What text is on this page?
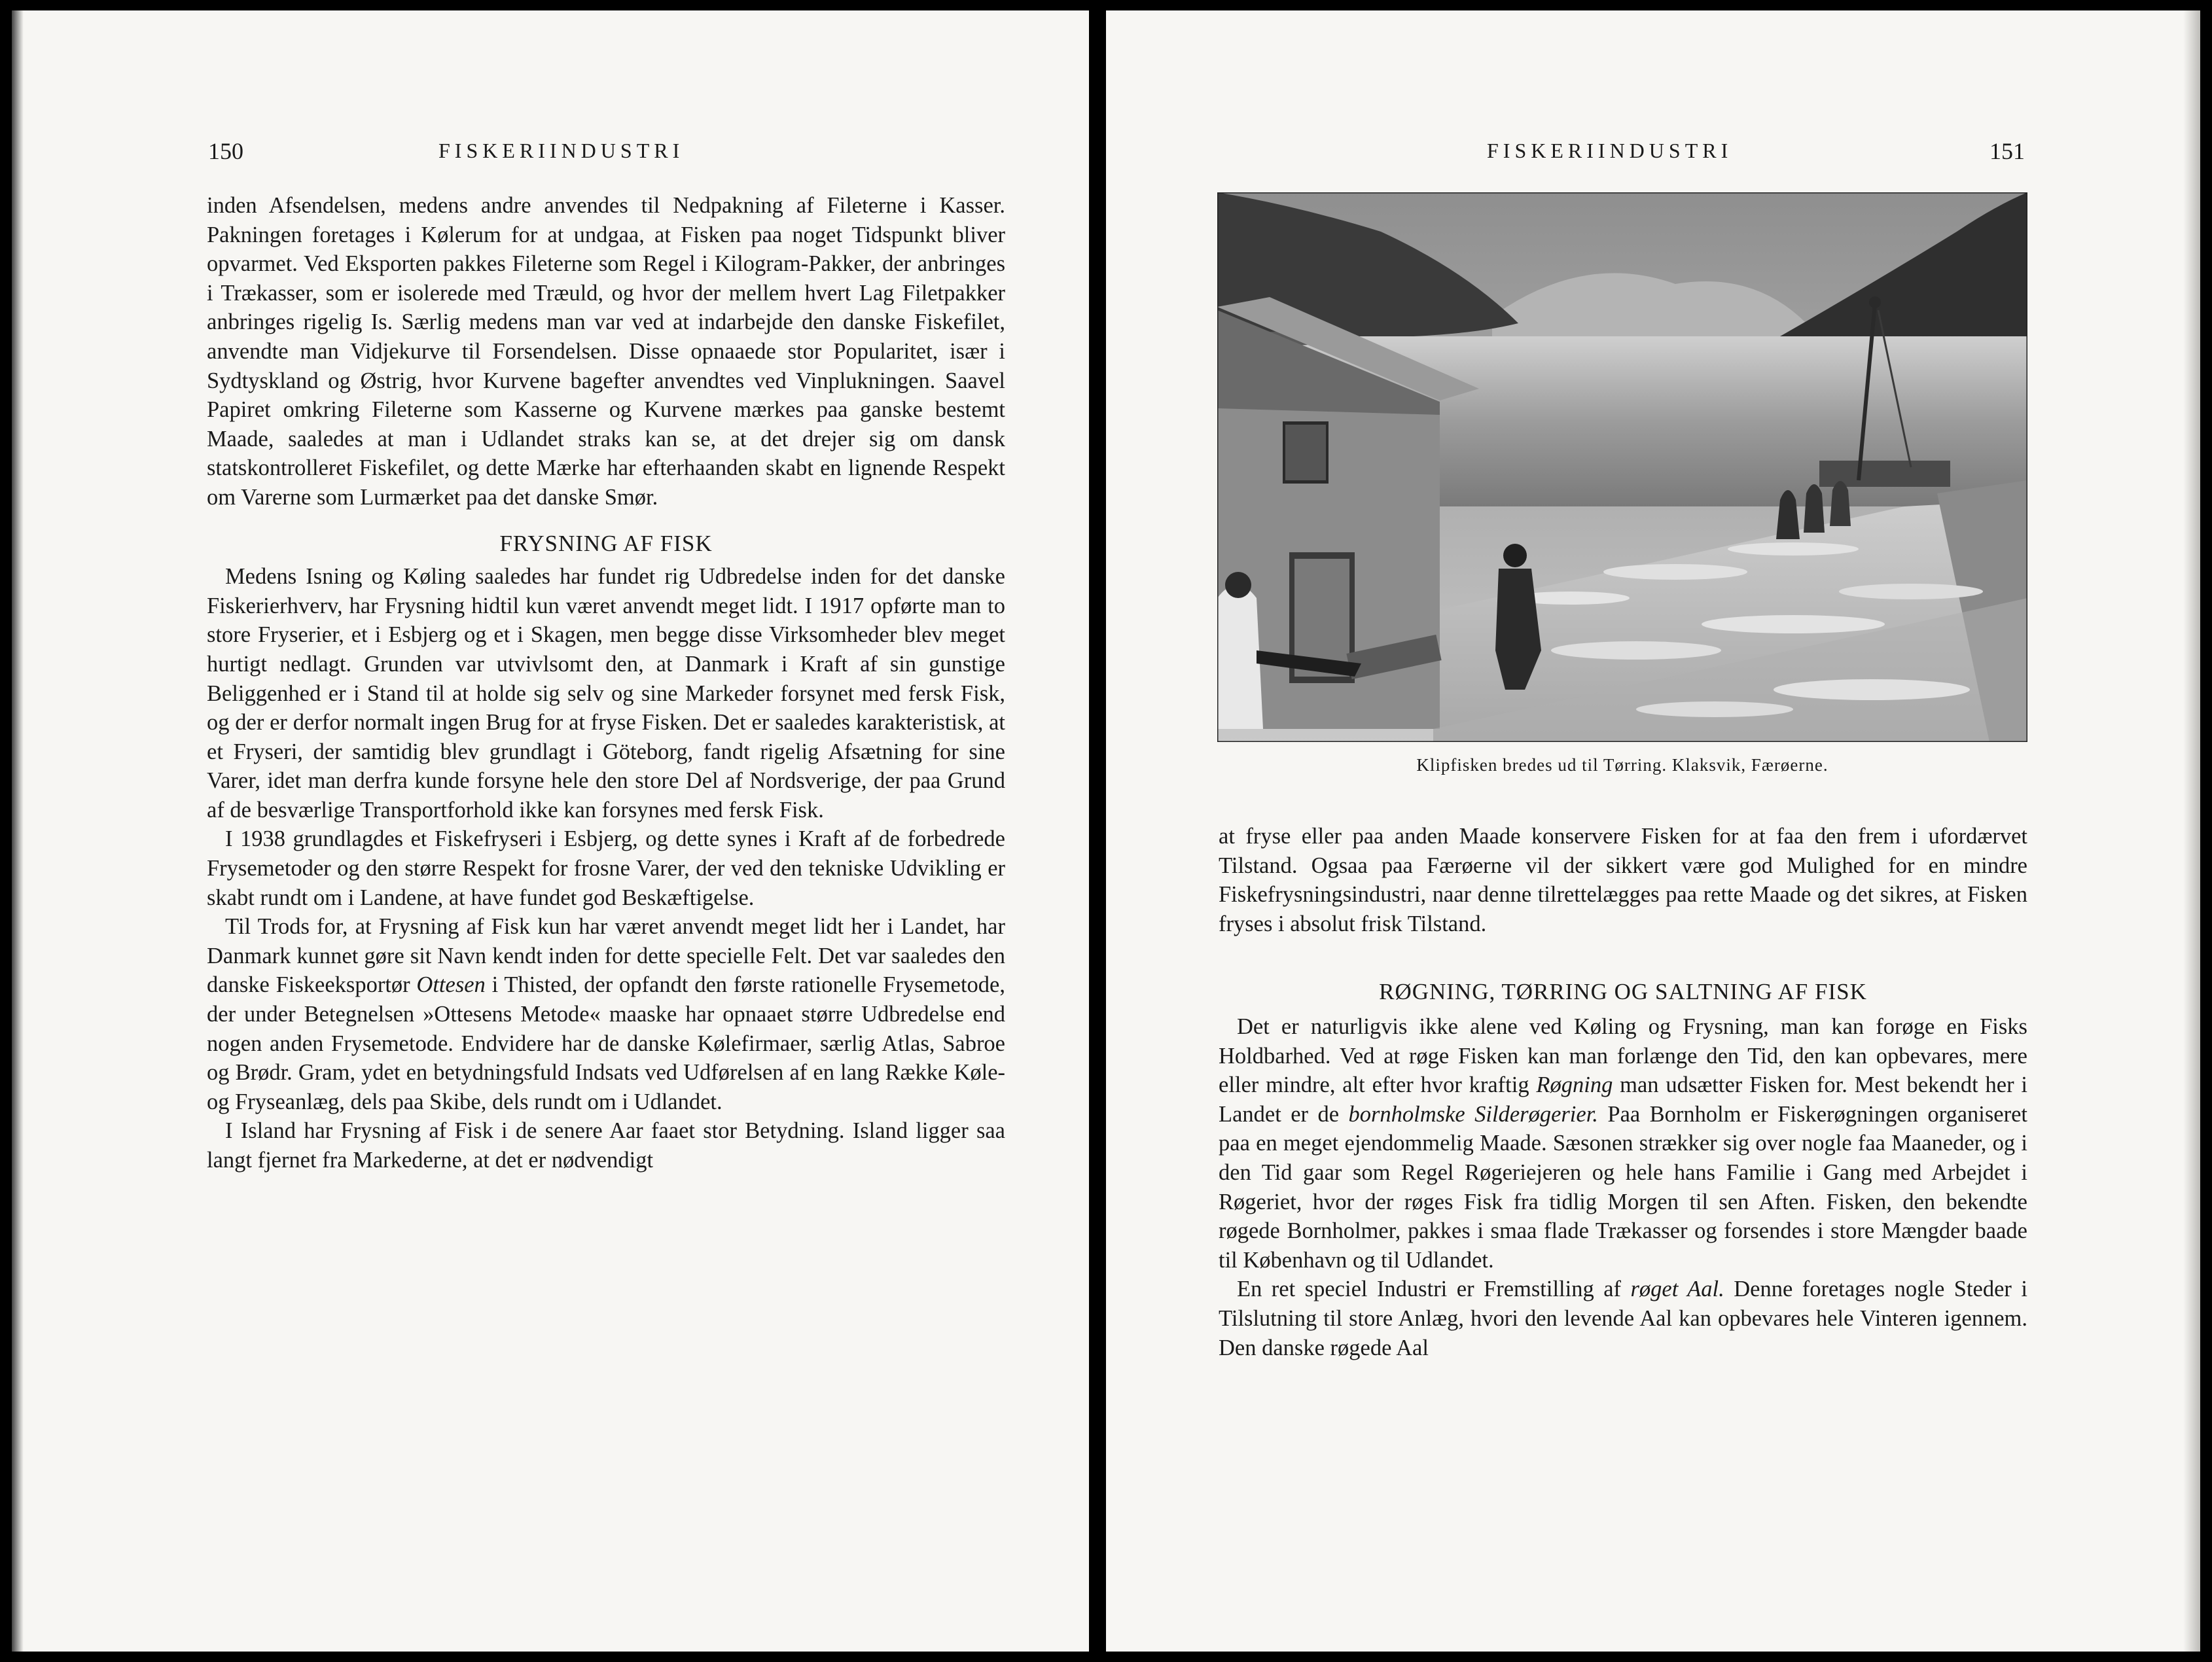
150	FISKERIINDUSTRI

inden Afsendelsen, medens andre anvendes til Nedpakning af Fileterne i Kasser. Pakningen foretages i Kølerum for at undgaa, at Fisken paa noget Tidspunkt bliver opvarmet. Ved Eksporten pakkes Fileterne som Regel i Kilogram-Pakker, der anbringes i Trækasser, som er isolerede med Træuld, og hvor der mellem hvert Lag Filetpakker anbringes rigelig Is. Særlig medens man var ved at indarbejde den danske Fiskefilet, anvendte man Vidjekurve til Forsendelsen. Disse opnaaede stor Popularitet, især i Sydtyskland og Østrig, hvor Kurvene bagefter anvendtes ved Vinplukningen. Saavel Papiret omkring Fileterne som Kasserne og Kurvene mærkes paa ganske bestemt Maade, saaledes at man i Udlandet straks kan se, at det drejer sig om dansk statskontrolleret Fiskefilet, og dette Mærke har efterhaanden skabt en lignende Respekt om Varerne som Lurmærket paa det danske Smør.

FRYSNING AF FISK

Medens Isning og Køling saaledes har fundet rig Udbredelse inden for det danske Fiskerierhverv, har Frysning hidtil kun været anvendt meget lidt. I 1917 opførte man to store Fryserier, et i Esbjerg og et i Skagen, men begge disse Virksomheder blev meget hurtigt nedlagt. Grunden var utvivlsomt den, at Danmark i Kraft af sin gunstige Beliggenhed er i Stand til at holde sig selv og sine Markeder forsynet med fersk Fisk, og der er derfor normalt ingen Brug for at fryse Fisken. Det er saaledes karakteristisk, at et Fryseri, der samtidig blev grundlagt i Göteborg, fandt rigelig Afsætning for sine Varer, idet man derfra kunde forsyne hele den store Del af Nordsverige, der paa Grund af de besværlige Transportforhold ikke kan forsynes med fersk Fisk.

I 1938 grundlagdes et Fiskefryseri i Esbjerg, og dette synes i Kraft af de forbedrede Frysemetoder og den større Respekt for frosne Varer, der ved den tekniske Udvikling er skabt rundt om i Landene, at have fundet god Beskæftigelse.

Til Trods for, at Frysning af Fisk kun har været anvendt meget lidt her i Landet, har Danmark kunnet gøre sit Navn kendt inden for dette specielle Felt. Det var saaledes den danske Fiskeeksportør Ottesen i Thisted, der opfandt den første rationelle Frysemetode, der under Betegnelsen »Ottesens Metode« maaske har opnaaet større Udbredelse end nogen anden Frysemetode. Endvidere har de danske Kølefirmaer, særlig Atlas, Sabroe og Brødr. Gram, ydet en betydningsfuld Indsats ved Udførelsen af en lang Række Køle- og Fryseanlæg, dels paa Skibe, dels rundt om i Udlandet.

I Island har Frysning af Fisk i de senere Aar faaet stor Betydning. Island ligger saa langt fjernet fra Markederne, at det er nødvendigt

FISKERIINDUSTRI	151
Klipfisken bredes ud til Tørring. Klaksvik, Færøerne.

at fryse eller paa anden Maade konservere Fisken for at faa den frem i ufordærvet Tilstand. Ogsaa paa Færøerne vil der sikkert være god Mulighed for en mindre Fiskefrysningsindustri, naar denne tilrettelægges paa rette Maade og det sikres, at Fisken fryses i absolut frisk Tilstand.

RØGNING, TØRRING OG SALTNING AF FISK

Det er naturligvis ikke alene ved Køling og Frysning, man kan forøge en Fisks Holdbarhed. Ved at røge Fisken kan man forlænge den Tid, den kan opbevares, mere eller mindre, alt efter hvor kraftig Røgning man udsætter Fisken for. Mest bekendt her i Landet er de bornholmske Silderøgerier. Paa Bornholm er Fiskerøgningen organiseret paa en meget ejendommelig Maade. Sæsonen strækker sig over nogle faa Maaneder, og i den Tid gaar som Regel Røgeriejeren og hele hans Familie i Gang med Arbejdet i Røgeriet, hvor der røges Fisk fra tidlig Morgen til sen Aften. Fisken, den bekendte røgede Bornholmer, pakkes i smaa flade Trækasser og forsendes i store Mængder baade til København og til Udlandet.

En ret speciel Industri er Fremstilling af røget Aal. Denne foretages nogle Steder i Tilslutning til store Anlæg, hvori den levende Aal kan opbevares hele Vinteren igennem. Den danske røgede Aal
